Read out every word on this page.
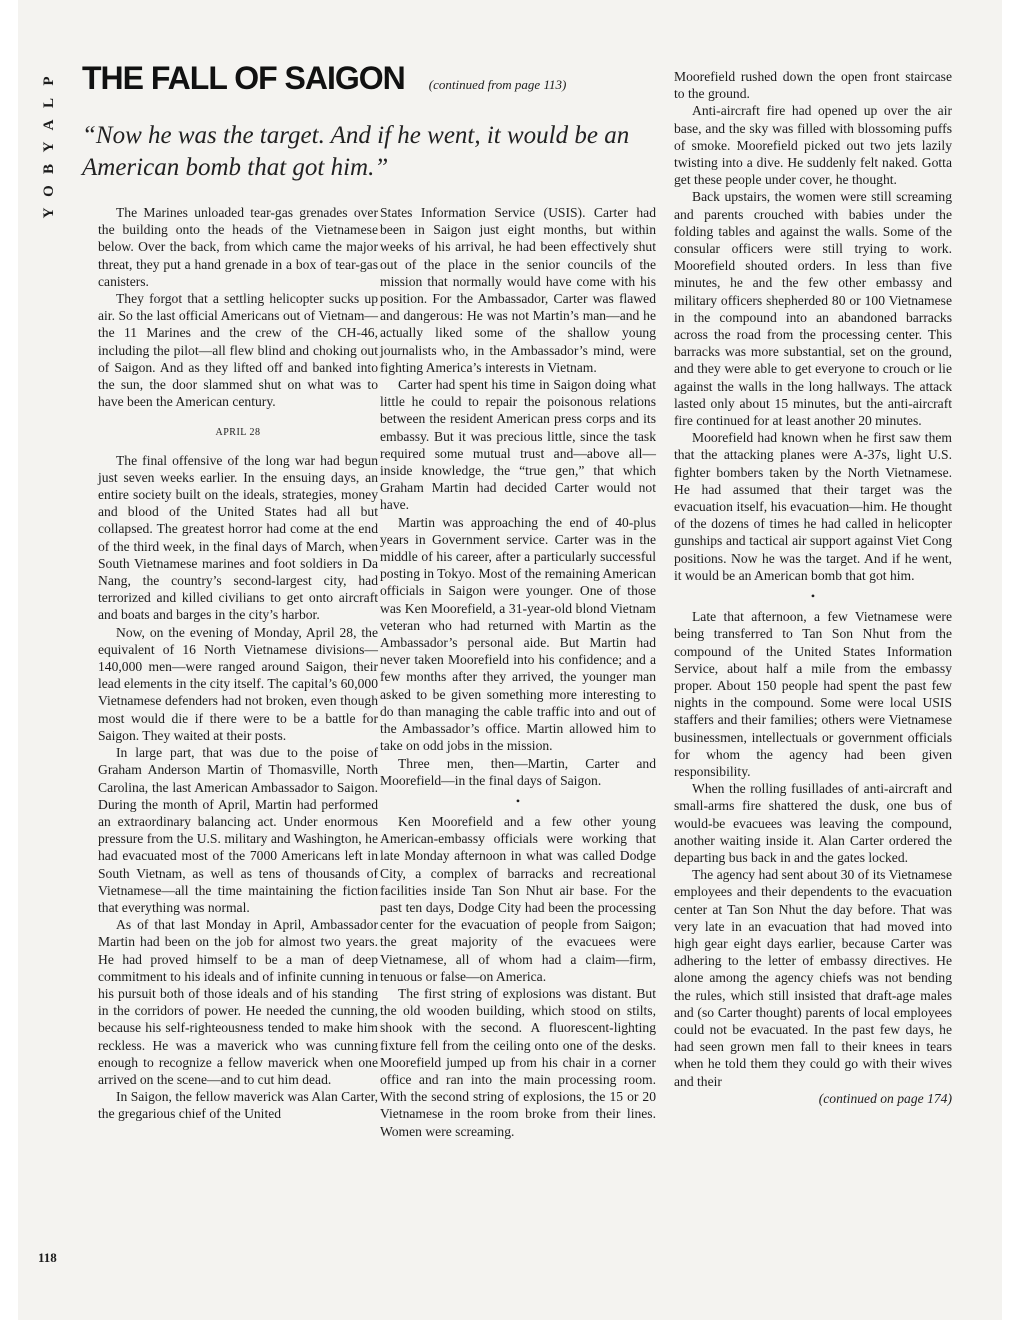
P
L
A
Y
B
O
Y
THE FALL OF SAIGON (continued from page 113)
“Now he was the target. And if he went, it would be an American bomb that got him.”

The Marines unloaded tear-gas grenades over the building onto the heads of the Vietnamese below. Over the back, from which came the major threat, they put a hand grenade in a box of tear-gas canisters.

They forgot that a settling helicopter sucks up air. So the last official Americans out of Vietnam—the 11 Marines and the crew of the CH-46, including the pilot—all flew blind and choking out of Saigon. And as they lifted off and banked into the sun, the door slammed shut on what was to have been the American century.

APRIL 28

The final offensive of the long war had begun just seven weeks earlier. In the ensuing days, an entire society built on the ideals, strategies, money and blood of the United States had all but collapsed. The greatest horror had come at the end of the third week, in the final days of March, when South Vietnamese marines and foot soldiers in Da Nang, the country’s second-largest city, had terrorized and killed civilians to get onto aircraft and boats and barges in the city’s harbor.

Now, on the evening of Monday, April 28, the equivalent of 16 North Vietnamese divisions—140,000 men—were ranged around Saigon, their lead elements in the city itself. The capital’s 60,000 Vietnamese defenders had not broken, even though most would die if there were to be a battle for Saigon. They waited at their posts.

In large part, that was due to the poise of Graham Anderson Martin of Thomasville, North Carolina, the last American Ambassador to Saigon. During the month of April, Martin had performed an extraordinary balancing act. Under enormous pressure from the U.S. military and Washington, he had evacuated most of the 7000 Americans left in South Vietnam, as well as tens of thousands of Vietnamese—all the time maintaining the fiction that everything was normal.

As of that last Monday in April, Ambassador Martin had been on the job for almost two years. He had proved himself to be a man of deep commitment to his ideals and of infinite cunning in his pursuit both of those ideals and of his standing in the corridors of power. He needed the cunning, because his self-righteousness tended to make him reckless. He was a maverick who was cunning enough to recognize a fellow maverick when one arrived on the scene—and to cut him dead.

In Saigon, the fellow maverick was Alan Carter, the gregarious chief of the United

States Information Service (USIS). Carter had been in Saigon just eight months, but within weeks of his arrival, he had been effectively shut out of the place in the senior councils of the mission that normally would have come with his position. For the Ambassador, Carter was flawed and dangerous: He was not Martin’s man—and he actually liked some of the shallow young journalists who, in the Ambassador’s mind, were fighting America’s interests in Vietnam.

Carter had spent his time in Saigon doing what little he could to repair the poisonous relations between the resident American press corps and its embassy. But it was precious little, since the task required some mutual trust and—above all—inside knowledge, the “true gen,” that which Graham Martin had decided Carter would not have.

Martin was approaching the end of 40-plus years in Government service. Carter was in the middle of his career, after a particularly successful posting in Tokyo. Most of the remaining American officials in Saigon were younger. One of those was Ken Moorefield, a 31-year-old blond Vietnam veteran who had returned with Martin as the Ambassador’s personal aide. But Martin had never taken Moorefield into his confidence; and a few months after they arrived, the younger man asked to be given something more interesting to do than managing the cable traffic into and out of the Ambassador’s office. Martin allowed him to take on odd jobs in the mission.

Three men, then—Martin, Carter and Moorefield—in the final days of Saigon.

•

Ken Moorefield and a few other young American-embassy officials were working that late Monday afternoon in what was called Dodge City, a complex of barracks and recreational facilities inside Tan Son Nhut air base. For the past ten days, Dodge City had been the processing center for the evacuation of people from Saigon; the great majority of the evacuees were Vietnamese, all of whom had a claim—firm, tenuous or false—on America.

The first string of explosions was distant. But the old wooden building, which stood on stilts, shook with the second. A fluorescent-lighting fixture fell from the ceiling onto one of the desks. Moorefield jumped up from his chair in a corner office and ran into the main processing room. With the second string of explosions, the 15 or 20 Vietnamese in the room broke from their lines. Women were screaming.

Moorefield rushed down the open front staircase to the ground.

Anti-aircraft fire had opened up over the air base, and the sky was filled with blossoming puffs of smoke. Moorefield picked out two jets lazily twisting into a dive. He suddenly felt naked. Gotta get these people under cover, he thought.

Back upstairs, the women were still screaming and parents crouched with babies under the folding tables and against the walls. Some of the consular officers were still trying to work. Moorefield shouted orders. In less than five minutes, he and the few other embassy and military officers shepherded 80 or 100 Vietnamese in the compound into an abandoned barracks across the road from the processing center. This barracks was more substantial, set on the ground, and they were able to get everyone to crouch or lie against the walls in the long hallways. The attack lasted only about 15 minutes, but the anti-aircraft fire continued for at least another 20 minutes.

Moorefield had known when he first saw them that the attacking planes were A-37s, light U.S. fighter bombers taken by the North Vietnamese. He had assumed that their target was the evacuation itself, his evacuation—him. He thought of the dozens of times he had called in helicopter gunships and tactical air support against Viet Cong positions. Now he was the target. And if he went, it would be an American bomb that got him.

•

Late that afternoon, a few Vietnamese were being transferred to Tan Son Nhut from the compound of the United States Information Service, about half a mile from the embassy proper. About 150 people had spent the past few nights in the compound. Some were local USIS staffers and their families; others were Vietnamese businessmen, intellectuals or government officials for whom the agency had been given responsibility.

When the rolling fusillades of anti-aircraft and small-arms fire shattered the dusk, one bus of would-be evacuees was leaving the compound, another waiting inside it. Alan Carter ordered the departing bus back in and the gates locked.

The agency had sent about 30 of its Vietnamese employees and their dependents to the evacuation center at Tan Son Nhut the day before. That was very late in an evacuation that had moved into high gear eight days earlier, because Carter was adhering to the letter of embassy directives. He alone among the agency chiefs was not bending the rules, which still insisted that draft-age males and (so Carter thought) parents of local employees could not be evacuated. In the past few days, he had seen grown men fall to their knees in tears when he told them they could go with their wives and their

(continued on page 174)

118
